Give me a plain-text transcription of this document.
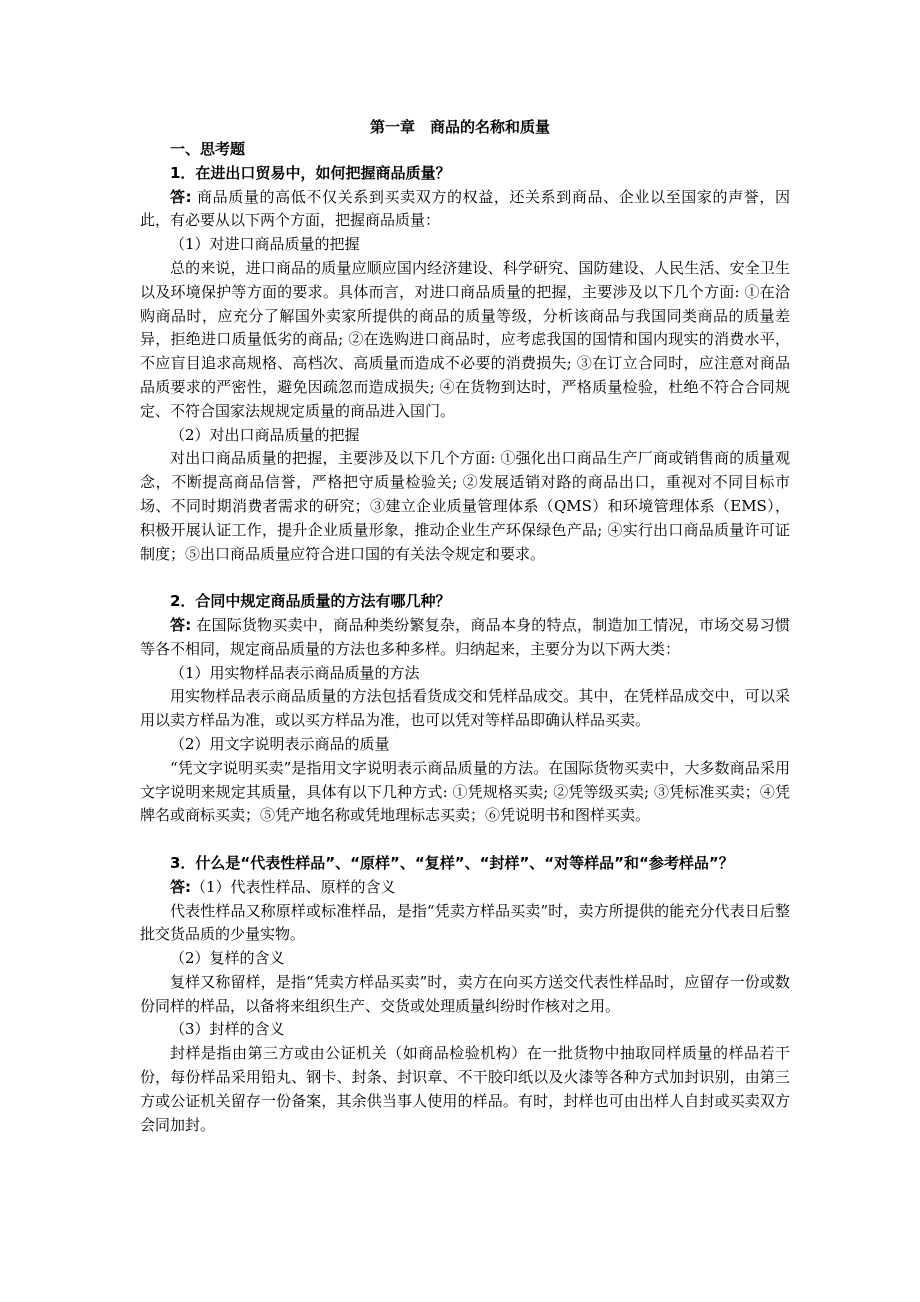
第一章　商品的名称和质量

一、思考题

1．在进出口贸易中，如何把握商品质量？

答: 商品质量的高低不仅关系到买卖双方的权益，还关系到商品、企业以至国家的声誉，因此，有必要从以下两个方面，把握商品质量：

（1）对进口商品质量的把握

总的来说，进口商品的质量应顺应国内经济建设、科学研究、国防建设、人民生活、安全卫生以及环境保护等方面的要求。具体而言，对进口商品质量的把握，主要涉及以下几个方面: ①在洽购商品时，应充分了解国外卖家所提供的商品的质量等级，分析该商品与我国同类商品的质量差异，拒绝进口质量低劣的商品; ②在选购进口商品时，应考虑我国的国情和国内现实的消费水平，不应盲目追求高规格、高档次、高质量而造成不必要的消费损失; ③在订立合同时，应注意对商品品质要求的严密性，避免因疏忽而造成损失; ④在货物到达时，严格质量检验，杜绝不符合合同规定、不符合国家法规规定质量的商品进入国门。

（2）对出口商品质量的把握

对出口商品质量的把握，主要涉及以下几个方面: ①强化出口商品生产厂商或销售商的质量观念，不断提高商品信誉，严格把守质量检验关; ②发展适销对路的商品出口，重视对不同目标市场、不同时期消费者需求的研究；③建立企业质量管理体系（QMS）和环境管理体系（EMS），积极开展认证工作，提升企业质量形象，推动企业生产环保绿色产品; ④实行出口商品质量许可证制度；⑤出口商品质量应符合进口国的有关法令规定和要求。

2．合同中规定商品质量的方法有哪几种？

答: 在国际货物买卖中，商品种类纷繁复杂，商品本身的特点，制造加工情况，市场交易习惯等各不相同，规定商品质量的方法也多种多样。归纳起来，主要分为以下两大类：

（1）用实物样品表示商品质量的方法

用实物样品表示商品质量的方法包括看货成交和凭样品成交。其中，在凭样品成交中，可以采用以卖方样品为准，或以买方样品为准，也可以凭对等样品即确认样品买卖。

（2）用文字说明表示商品的质量

“凭文字说明买卖”是指用文字说明表示商品质量的方法。在国际货物买卖中，大多数商品采用文字说明来规定其质量，具体有以下几种方式: ①凭规格买卖; ②凭等级买卖; ③凭标准买卖；④凭牌名或商标买卖；⑤凭产地名称或凭地理标志买卖；⑥凭说明书和图样买卖。

3．什么是“代表性样品”、“原样”、“复样”、“封样”、“对等样品”和“参考样品”？

答:（1）代表性样品、原样的含义

代表性样品又称原样或标准样品，是指“凭卖方样品买卖”时，卖方所提供的能充分代表日后整批交货品质的少量实物。

（2）复样的含义

复样又称留样，是指“凭卖方样品买卖”时，卖方在向买方送交代表性样品时，应留存一份或数份同样的样品，以备将来组织生产、交货或处理质量纠纷时作核对之用。

（3）封样的含义

封样是指由第三方或由公证机关（如商品检验机构）在一批货物中抽取同样质量的样品若干份，每份样品采用铅丸、钢卡、封条、封识章、不干胶印纸以及火漆等各种方式加封识别，由第三方或公证机关留存一份备案，其余供当事人使用的样品。有时，封样也可由出样人自封或买卖双方会同加封。
